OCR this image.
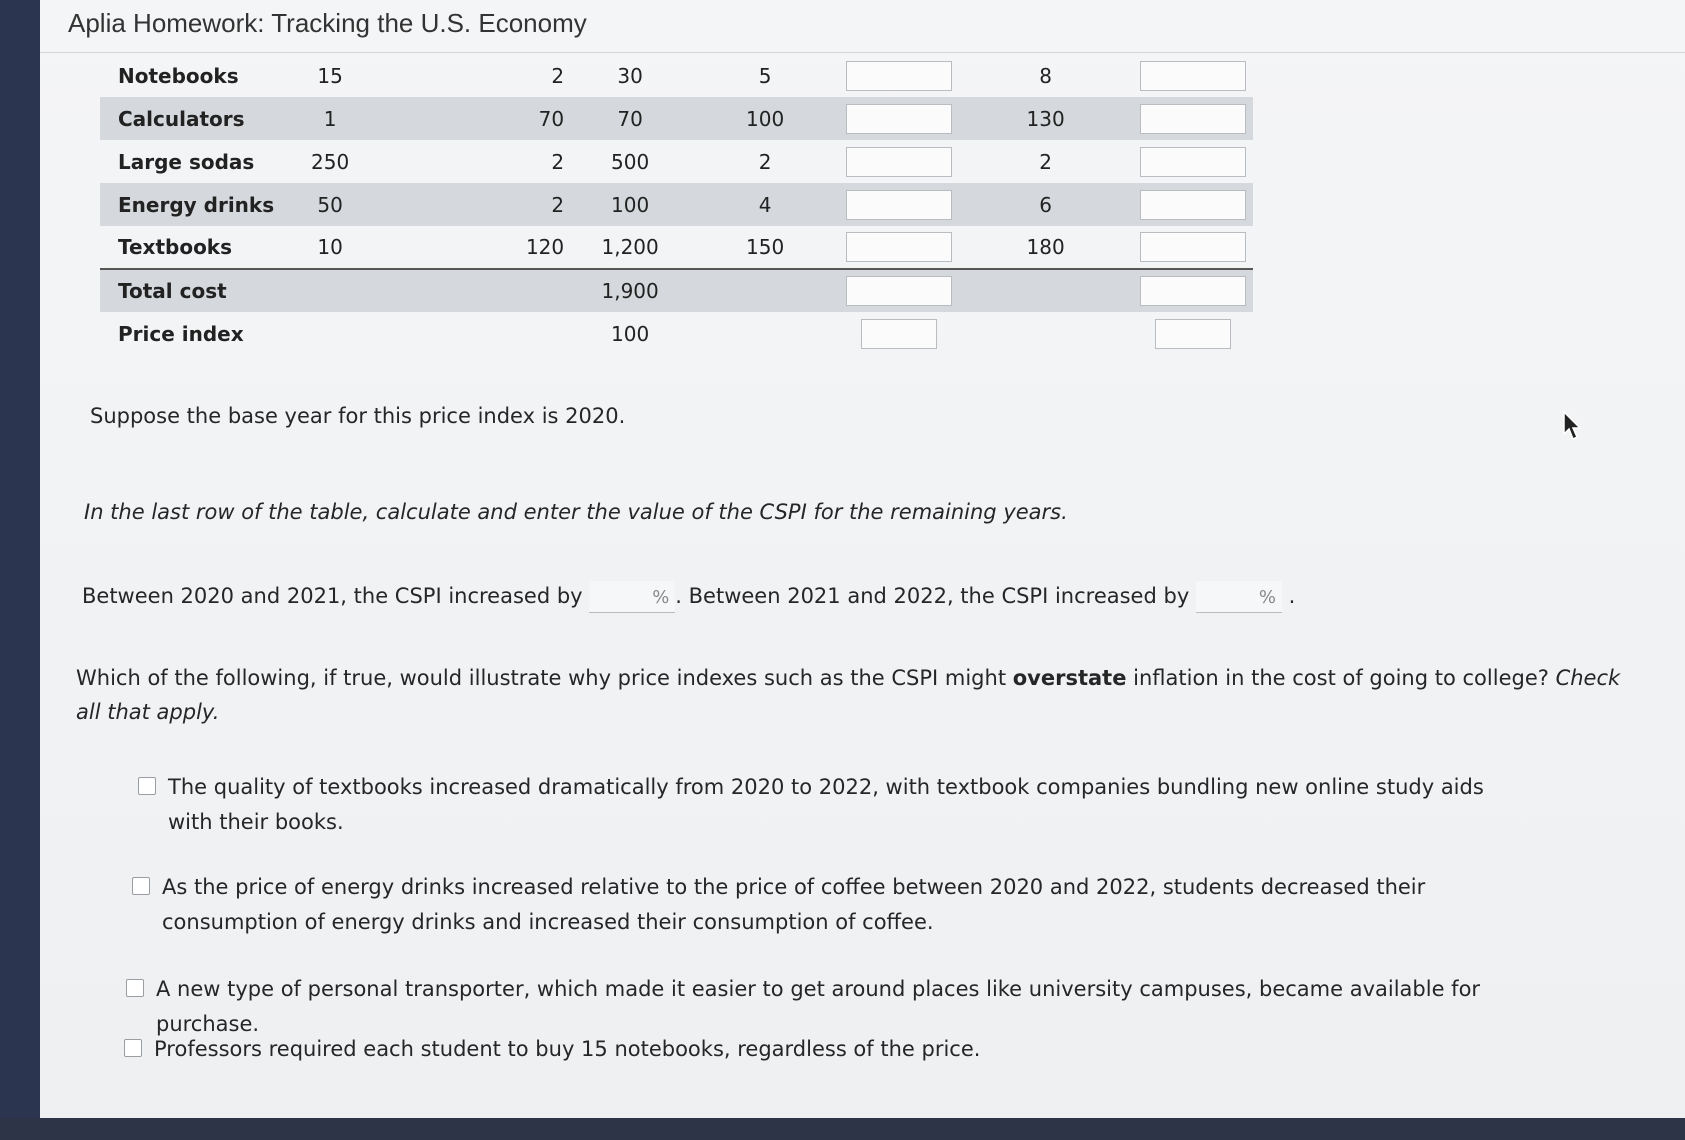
Aplia Homework: Tracking the U.S. Economy
Notebooks	15	2	30	5		8	
Calculators	1	70	70	100		130	
Large sodas	250	2	500	2		2	
Energy drinks	50	2	100	4		6	
Textbooks	10	120	1,200	150		180	
Total cost			1,900				
Price index			100				
Suppose the base year for this price index is 2020.
In the last row of the table, calculate and enter the value of the CSPI for the remaining years.
Between 2020 and 2021, the CSPI increased by	% . Between 2021 and 2022, the CSPI increased by	% .
Which of the following, if true, would illustrate why price indexes such as the CSPI might overstate inflation in the cost of going to college? Check all that apply.
The quality of textbooks increased dramatically from 2020 to 2022, with textbook companies bundling new online study aids with their books.
As the price of energy drinks increased relative to the price of coffee between 2020 and 2022, students decreased their consumption of energy drinks and increased their consumption of coffee.
A new type of personal transporter, which made it easier to get around places like university campuses, became available for purchase.
Professors required each student to buy 15 notebooks, regardless of the price.
